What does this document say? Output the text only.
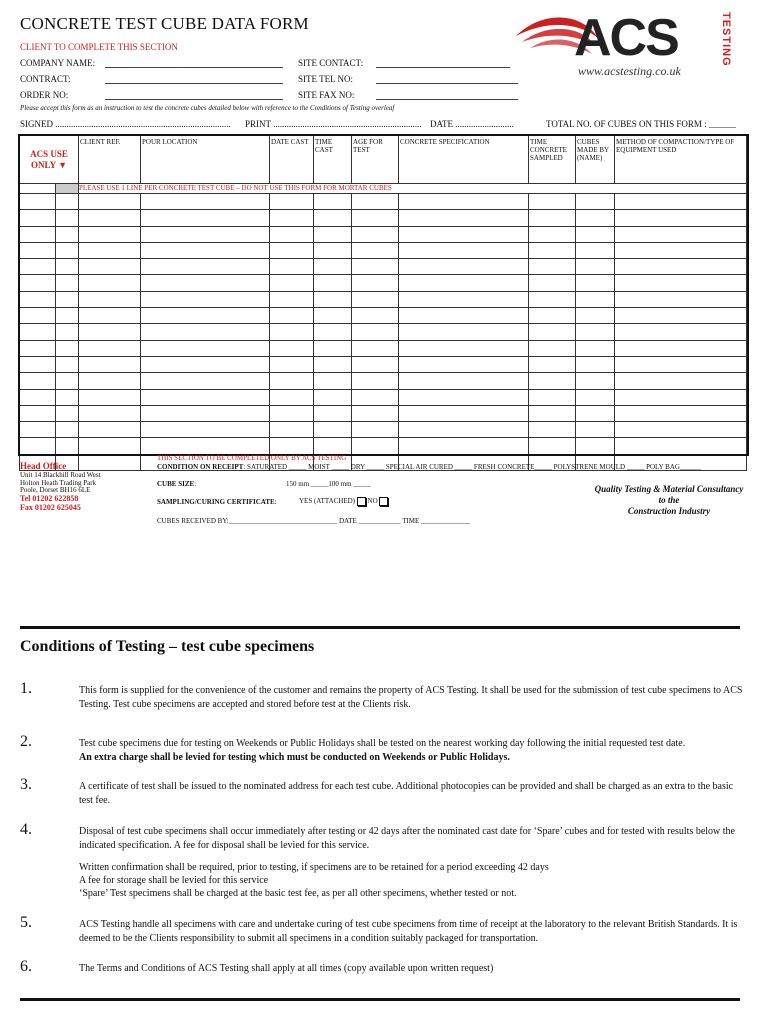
CONCRETE TEST CUBE DATA FORM
CLIENT TO COMPLETE THIS SECTION
COMPANY NAME:
CONTRACT:
ORDER NO:
SITE CONTACT:
SITE TEL NO:
SITE FAX NO:
Please accept this form as an instruction to test the concrete cubes detailed below with reference to the Conditions of Testing overleaf
SIGNED .............................................................................. PRINT .................................................................. DATE ..........................	TOTAL NO. OF CUBES ON THIS FORM : ______
ACS	TESTING
www.acstesting.co.uk
ACS USE ONLY ▼		CLIENT REF.	POUR LOCATION	DATE CAST	TIME CAST	AGE FOR TEST	CONCRETE SPECIFICATION	TIME CONCRETE SAMPLED	CUBES MADE BY (NAME)	METHOD OF COMPACTION/TYPE OF EQUIPMENT USED
		PLEASE USE 1 LINE PER CONCRETE TEST CUBE – DO NOT USE THIS FORM FOR MORTAR CUBES								

THIS SECTION TO BE COMPLETED ONLY BY ACS TESTING
CONDITION ON RECEIPT: SATURATED _____ MOIST _____ DRY _____ SPECIAL AIR CURED _____ FRESH CONCRETE_____ POLYSTRENE MOULD _____ POLY BAG______
CUBE SIZE:	150 mm _____100 mm _____
SAMPLING/CURING CERTIFICATE:	YES (ATTACHED) NO
CUBES RECEIVED BY:_______________________________ DATE ____________ TIME ______________
Head Office
Unit 14 Blackhill Road West
Holton Heath Trading Park
Poole, Dorset BH16 6LE
Tel 01202 622858
Fax 01202 625045
Quality Testing & Material Consultancy
to the
Construction Industry
Conditions of Testing – test cube specimens
1.	This form is supplied for the convenience of the customer and remains the property of ACS Testing. It shall be used for the submission of test cube specimens to ACS Testing. Test cube specimens are accepted and stored before test at the Clients risk.
2.	Test cube specimens due for testing on Weekends or Public Holidays shall be tested on the nearest working day following the initial requested test date.
An extra charge shall be levied for testing which must be conducted on Weekends or Public Holidays.
3.	A certificate of test shall be issued to the nominated address for each test cube. Additional photocopies can be provided and shall be charged as an extra to the basic test fee.
4.	Disposal of test cube specimens shall occur immediately after testing or 42 days after the nominated cast date for ‘Spare’ cubes and for tested with results below the indicated specification. A fee for disposal shall be levied for this service.
Written confirmation shall be required, prior to testing, if specimens are to be retained for a period exceeding 42 days
A fee for storage shall be levied for this service
‘Spare’ Test specimens shall be charged at the basic test fee, as per all other specimens, whether tested or not.
5.	ACS Testing handle all specimens with care and undertake curing of test cube specimens from time of receipt at the laboratory to the relevant British Standards. It is deemed to be the Clients responsibility to submit all specimens in a condition suitably packaged for transportation.
6.	The Terms and Conditions of ACS Testing shall apply at all times (copy available upon written request)
